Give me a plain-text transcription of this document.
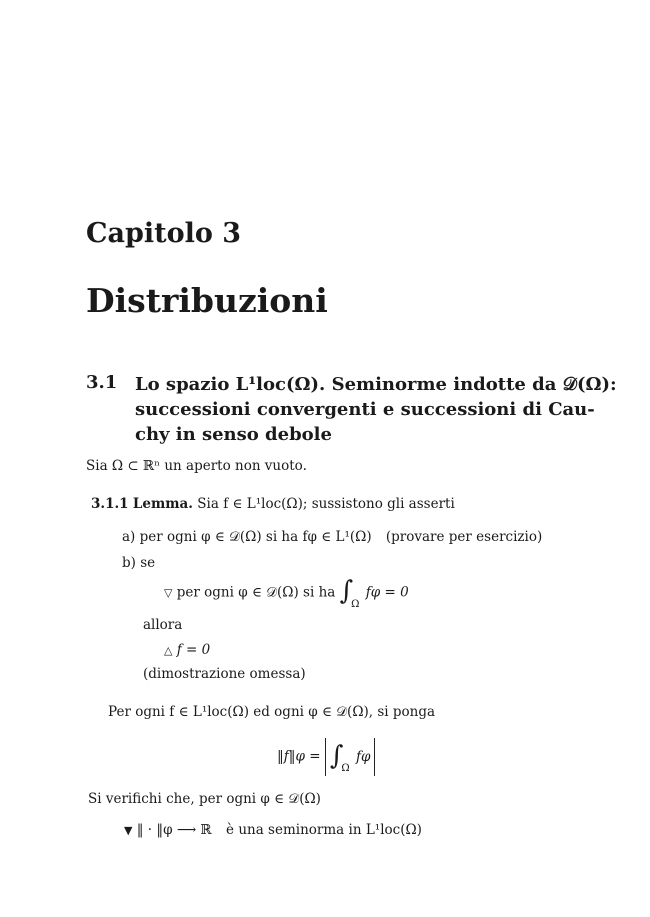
Capitolo 3
Distribuzioni
3.1 Lo spazio L¹loc(Ω). Seminorme indotte da 𝒟(Ω):
successioni convergenti e successioni di Cau-
chy in senso debole
Sia Ω ⊂ ℝⁿ un aperto non vuoto.
3.1.1 Lemma. Sia f ∈ L¹loc(Ω); sussistono gli asserti
a) per ogni φ ∈ 𝒟(Ω) si ha fφ ∈ L¹(Ω) (provare per esercizio)
b) se
▽ per ogni φ ∈ 𝒟(Ω) si ha $\int_\Omega$ fφ = 0
allora
△ f = 0
(dimostrazione omessa)
Per ogni f ∈ L¹loc(Ω) ed ogni φ ∈ 𝒟(Ω), si ponga
‖f‖φ = $\int_\Omega$ fφ
Si verifichi che, per ogni φ ∈ 𝒟(Ω)
▼ ‖ · ‖φ ⟶ ℝ è una seminorma in L¹loc(Ω)
